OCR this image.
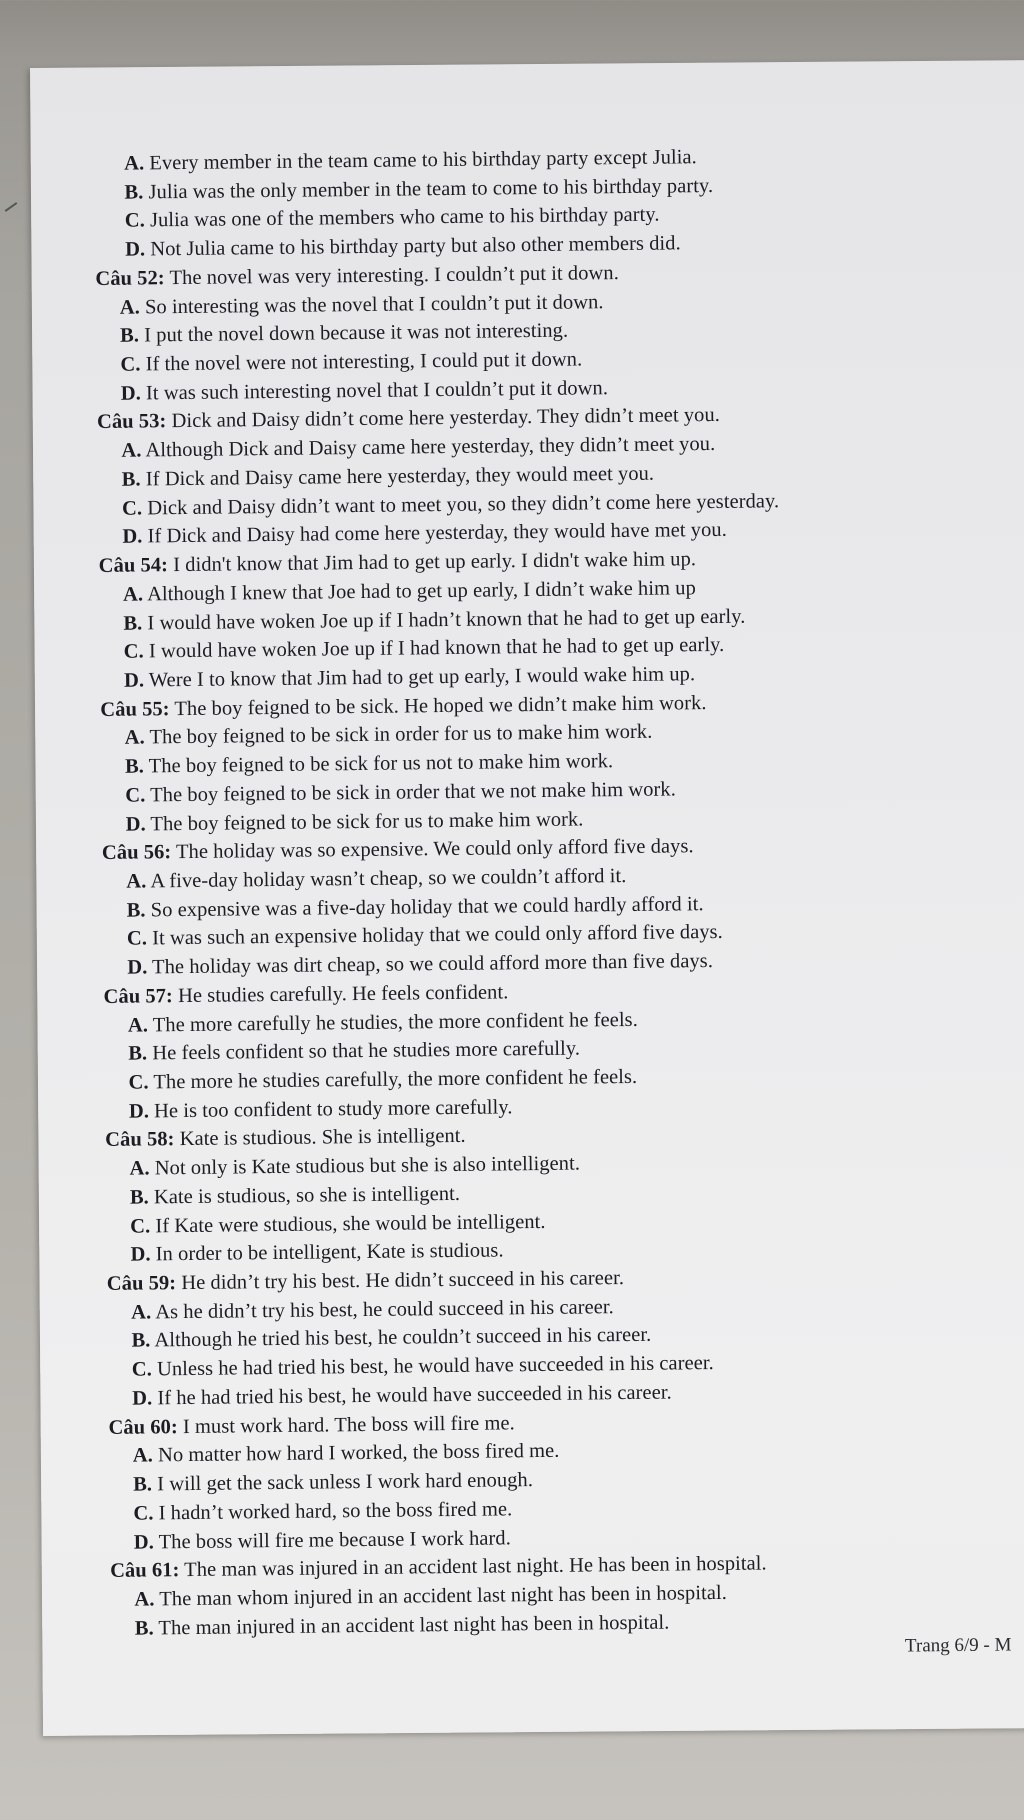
A. Every member in the team came to his birthday party except Julia.
B. Julia was the only member in the team to come to his birthday party.
C. Julia was one of the members who came to his birthday party.
D. Not Julia came to his birthday party but also other members did.
Câu 52: The novel was very interesting. I couldn’t put it down.
A. So interesting was the novel that I couldn’t put it down.
B. I put the novel down because it was not interesting.
C. If the novel were not interesting, I could put it down.
D. It was such interesting novel that I couldn’t put it down.
Câu 53: Dick and Daisy didn’t come here yesterday. They didn’t meet you.
A. Although Dick and Daisy came here yesterday, they didn’t meet you.
B. If Dick and Daisy came here yesterday, they would meet you.
C. Dick and Daisy didn’t want to meet you, so they didn’t come here yesterday.
D. If Dick and Daisy had come here yesterday, they would have met you.
Câu 54: I didn't know that Jim had to get up early. I didn't wake him up.
A. Although I knew that Joe had to get up early, I didn’t wake him up
B. I would have woken Joe up if I hadn’t known that he had to get up early.
C. I would have woken Joe up if I had known that he had to get up early.
D. Were I to know that Jim had to get up early, I would wake him up.
Câu 55: The boy feigned to be sick. He hoped we didn’t make him work.
A. The boy feigned to be sick in order for us to make him work.
B. The boy feigned to be sick for us not to make him work.
C. The boy feigned to be sick in order that we not make him work.
D. The boy feigned to be sick for us to make him work.
Câu 56: The holiday was so expensive. We could only afford five days.
A. A five-day holiday wasn’t cheap, so we couldn’t afford it.
B. So expensive was a five-day holiday that we could hardly afford it.
C. It was such an expensive holiday that we could only afford five days.
D. The holiday was dirt cheap, so we could afford more than five days.
Câu 57: He studies carefully. He feels confident.
A. The more carefully he studies, the more confident he feels.
B. He feels confident so that he studies more carefully.
C. The more he studies carefully, the more confident he feels.
D. He is too confident to study more carefully.
Câu 58: Kate is studious. She is intelligent.
A. Not only is Kate studious but she is also intelligent.
B. Kate is studious, so she is intelligent.
C. If Kate were studious, she would be intelligent.
D. In order to be intelligent, Kate is studious.
Câu 59: He didn’t try his best. He didn’t succeed in his career.
A. As he didn’t try his best, he could succeed in his career.
B. Although he tried his best, he couldn’t succeed in his career.
C. Unless he had tried his best, he would have succeeded in his career.
D. If he had tried his best, he would have succeeded in his career.
Câu 60: I must work hard. The boss will fire me.
A. No matter how hard I worked, the boss fired me.
B. I will get the sack unless I work hard enough.
C. I hadn’t worked hard, so the boss fired me.
D. The boss will fire me because I work hard.
Câu 61: The man was injured in an accident last night. He has been in hospital.
A. The man whom injured in an accident last night has been in hospital.
B. The man injured in an accident last night has been in hospital.
Trang 6/9 - M
